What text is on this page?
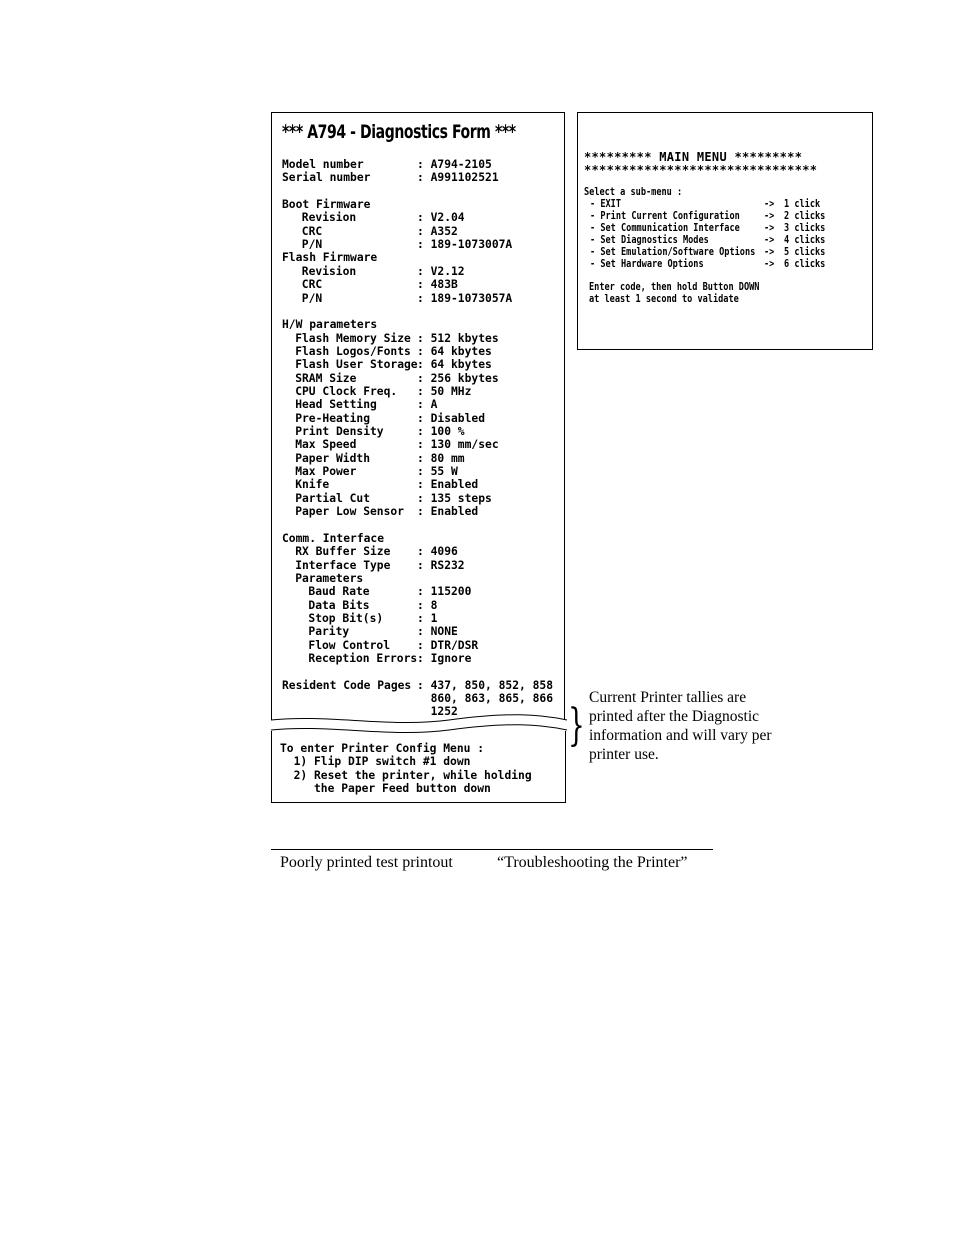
*** A794 - Diagnostics Form ***
Model number	: A794-2105
Serial number	: A991102521
Boot Firmware
Revision	: V2.04
CRC	: A352
P/N	: 189-1073007A
Flash Firmware
Revision	: V2.12
CRC	: 483B
P/N	: 189-1073057A
H/W parameters
Flash Memory Size : 512 kbytes
Flash Logos/Fonts : 64 kbytes
Flash User Storage : 64 kbytes
SRAM Size	: 256 kbytes
CPU Clock Freq. : 50 MHz
Head Setting	: A
Pre-Heating	: Disabled
Print Density	: 100 %
Max Speed	: 130 mm/sec
Paper Width	: 80 mm
Max Power	: 55 W
Knife	: Enabled
Partial Cut	: 135 steps
Paper Low Sensor : Enabled
Comm. Interface
RX Buffer Size : 4096
Interface Type : RS232
Parameters
Baud Rate	: 115200
Data Bits	: 8
Stop Bit(s)	: 1
Parity	: NONE
Flow Control : DTR/DSR
Reception Errors : Ignore
Resident Code Pages : 437, 850, 852, 858
860, 863, 865, 866
1252
To enter Printer Config Menu :
1) Flip DIP switch #1 down
2) Reset the printer, while holding
the Paper Feed button down
********* MAIN MENU *********
*******************************
Select a sub-menu :
- EXIT	-> 1 click
- Print Current Configuration -> 2 clicks
- Set Communication Interface -> 3 clicks
- Set Diagnostics Modes	-> 4 clicks
- Set Emulation/Software Options -> 5 clicks
- Set Hardware Options	-> 6 clicks
Enter code, then hold Button DOWN
at least 1 second to validate
}
Current Printer tallies are printed after the Diagnostic information and will vary per printer use.
Poorly printed test printout	“Troubleshooting the Printer”
